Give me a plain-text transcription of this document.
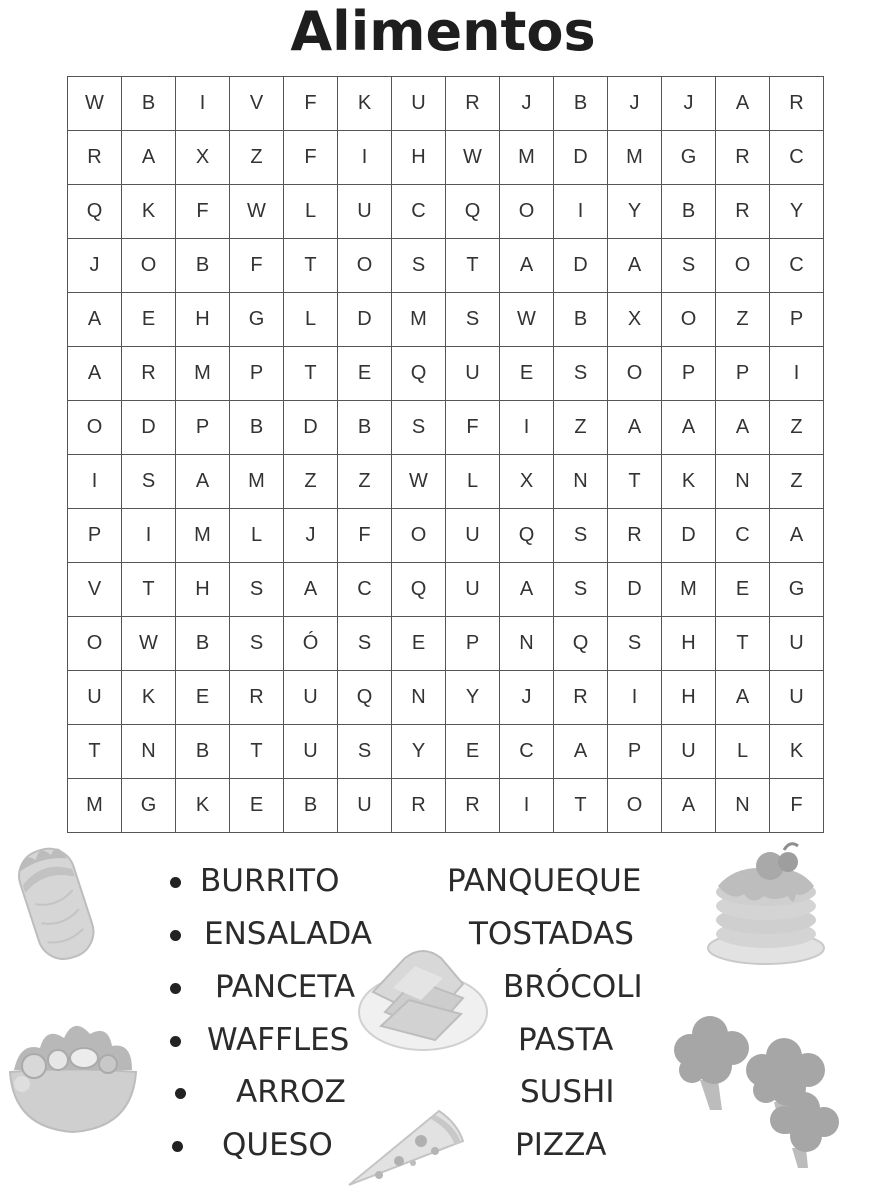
Alimentos
W	B	I	V	F	K	U	R	J	B	J	J	A	R
R	A	X	Z	F	I	H	W	M	D	M	G	R	C
Q	K	F	W	L	U	C	Q	O	I	Y	B	R	Y
J	O	B	F	T	O	S	T	A	D	A	S	O	C
A	E	H	G	L	D	M	S	W	B	X	O	Z	P
A	R	M	P	T	E	Q	U	E	S	O	P	P	I
O	D	P	B	D	B	S	F	I	Z	A	A	A	Z
I	S	A	M	Z	Z	W	L	X	N	T	K	N	Z
P	I	M	L	J	F	O	U	Q	S	R	D	C	A
V	T	H	S	A	C	Q	U	A	S	D	M	E	G
O	W	B	S	Ó	S	E	P	N	Q	S	H	T	U
U	K	E	R	U	Q	N	Y	J	R	I	H	A	U
T	N	B	T	U	S	Y	E	C	A	P	U	L	K
M	G	K	E	B	U	R	R	I	T	O	A	N	F
BURRITO
ENSALADA
PANCETA
WAFFLES
ARROZ
QUESO
PANQUEQUE
TOSTADAS
BRÓCOLI
PASTA
SUSHI
PIZZA
